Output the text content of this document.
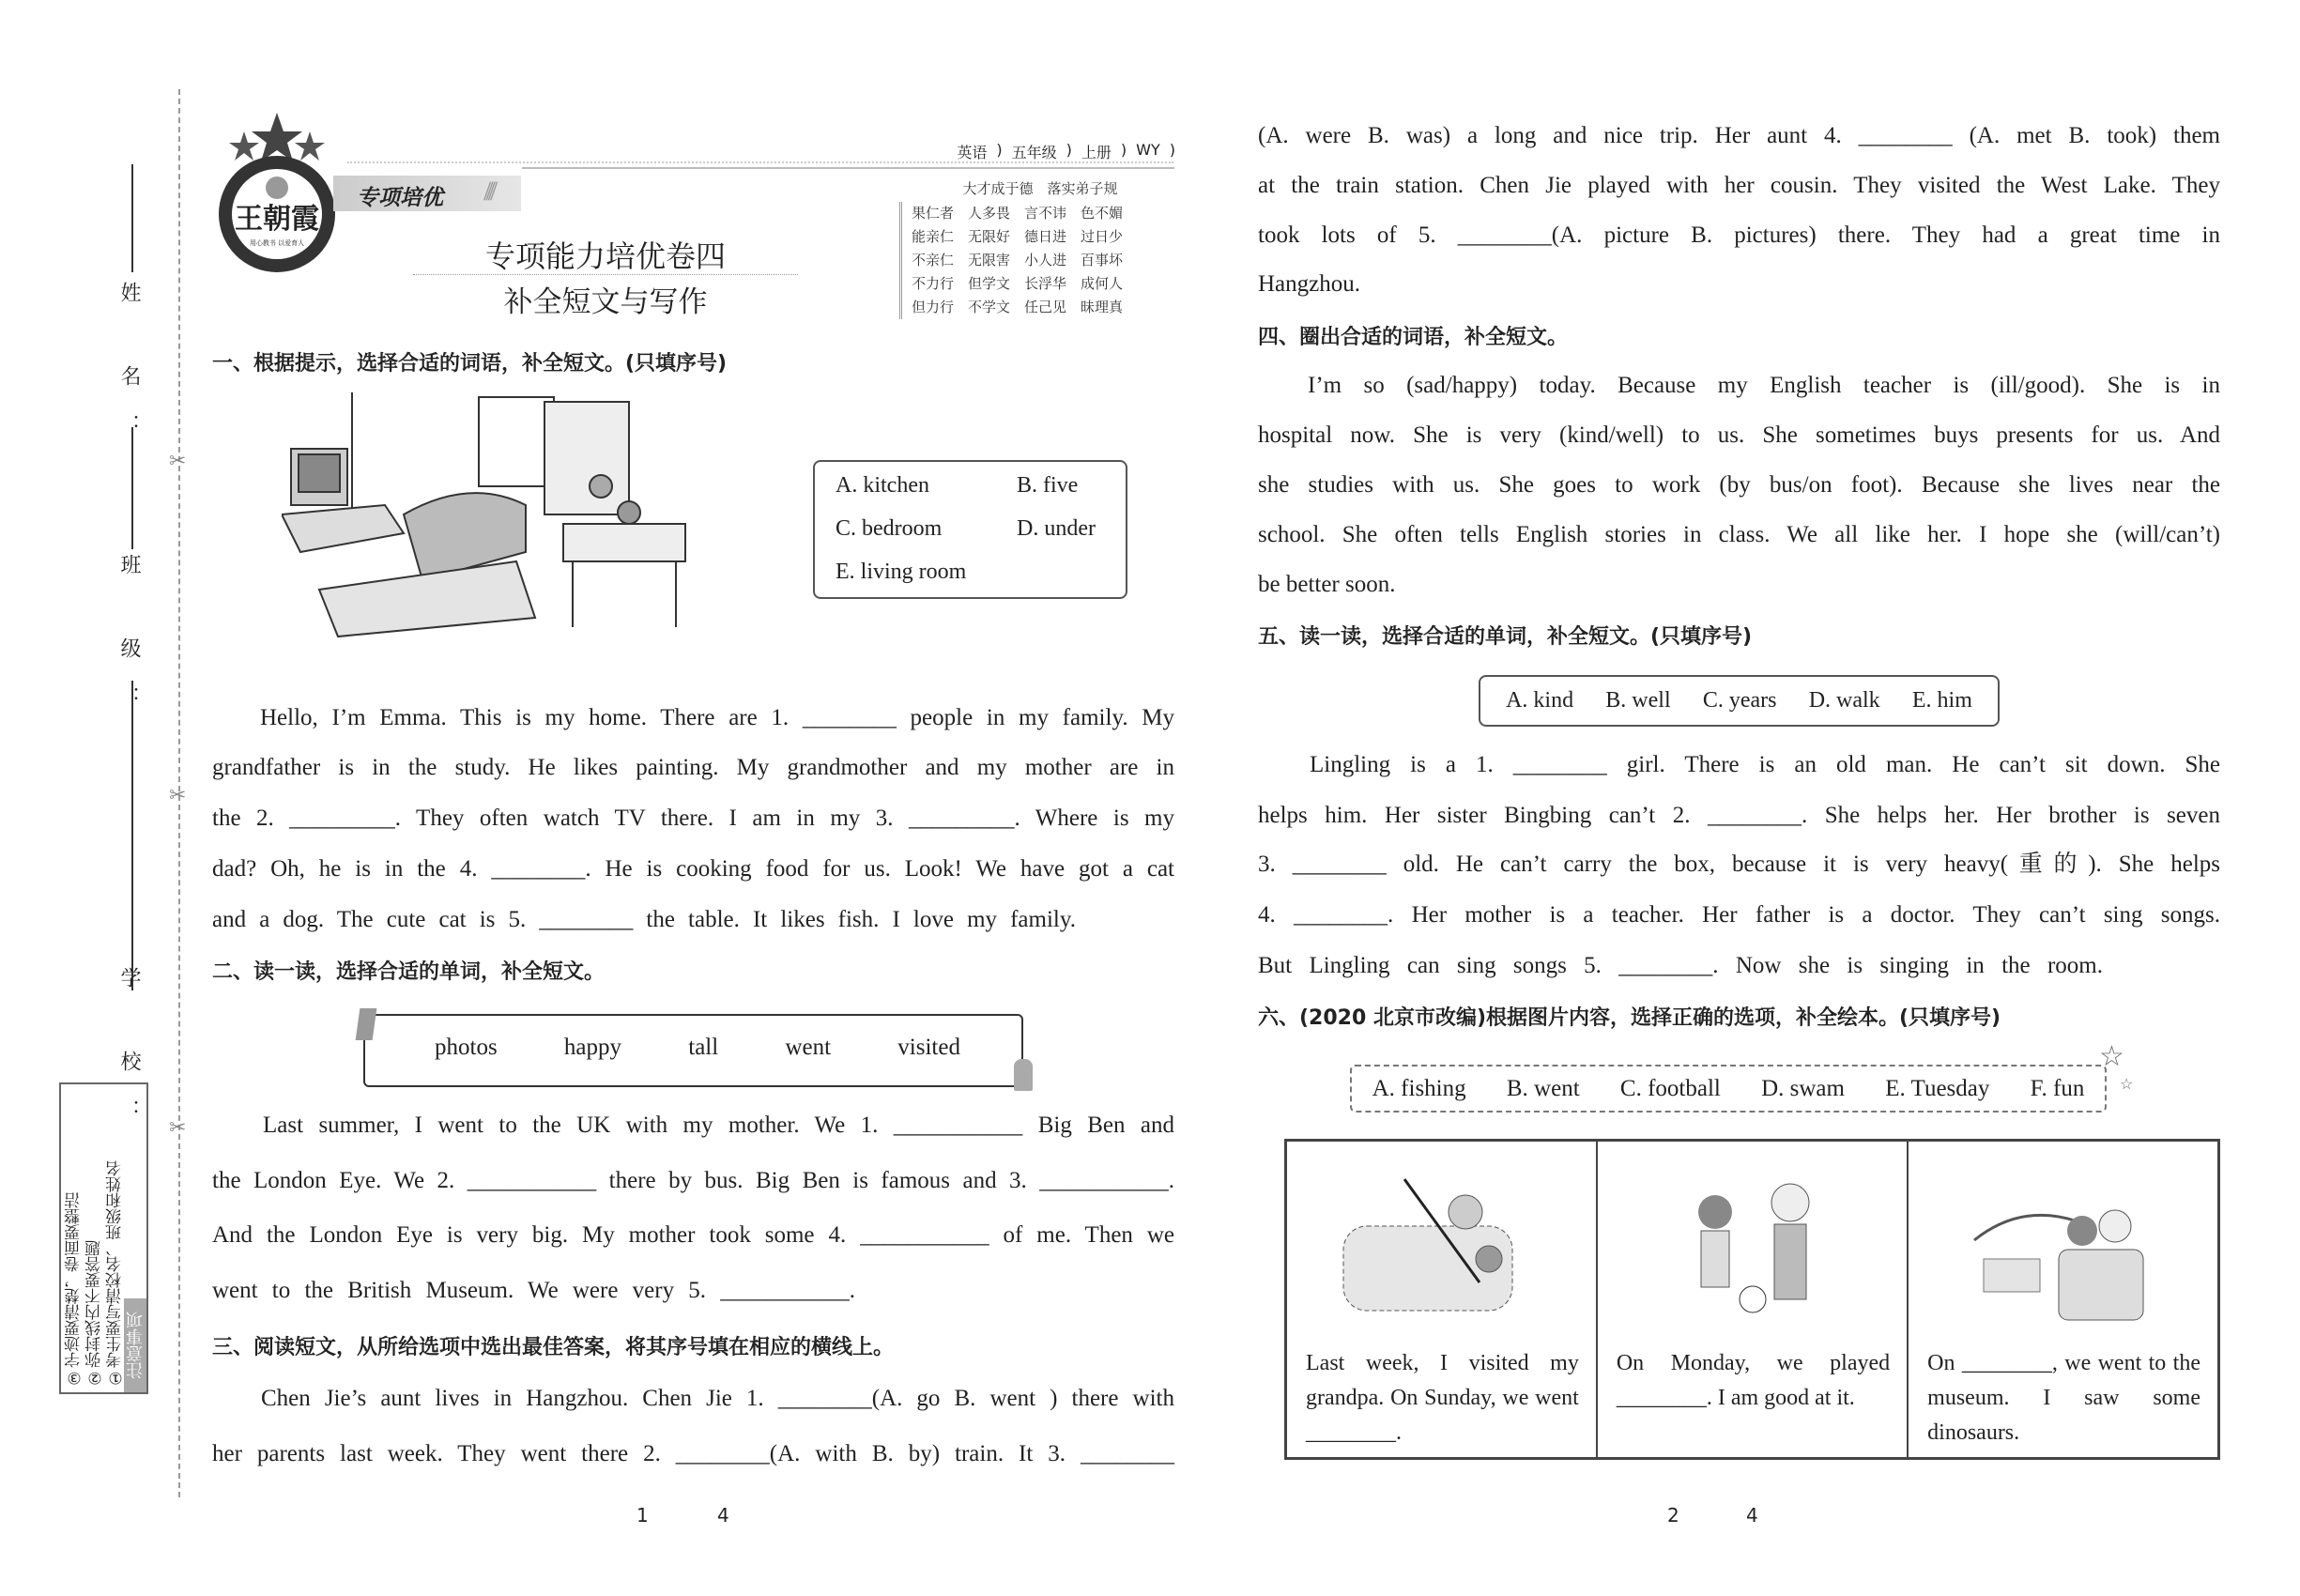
✂
✂
✂
姓 名：
班 级：
学 校：
注意事项
①考生要写清校名、班级和姓名
②弥封线内不要答题
③字迹要清楚，卷面要整洁
王朝霞
用心教书 以爱育人
专项培优 ////
英语 ) 五年级 ) 上册 ) WY )
专项能力培优卷四
补全短文与写作
大才成于德　落实弟子规
果仁者　人多畏　言不讳　色不媚
能亲仁　无限好　德日进　过日少
不亲仁　无限害　小人进　百事坏
不力行　但学文　长浮华　成何人
但力行　不学文　任己见　昧理真
一、根据提示，选择合适的词语，补全短文。(只填序号)
A. kitchen	B. five
C. bedroom	D. under
E. living room
Hello, I’m Emma. This is my home. There are 1. ________ people in my family. My
grandfather is in the study. He likes painting. My grandmother and my mother are in
the 2. _________. They often watch TV there. I am in my 3. _________. Where is my
dad? Oh, he is in the 4. ________. He is cooking food for us. Look! We have got a cat
and a dog. The cute cat is 5. ________ the table. It likes fish. I love my family.
二、读一读，选择合适的单词，补全短文。
photos	happy	tall	went	visited
Last summer, I went to the UK with my mother. We 1. ___________ Big Ben and
the London Eye. We 2. ___________ there by bus. Big Ben is famous and 3. ___________.
And the London Eye is very big. My mother took some 4. ___________ of me. Then we
went to the British Museum. We were very 5. ___________.
三、阅读短文，从所给选项中选出最佳答案，将其序号填在相应的横线上。
Chen Jie’s aunt lives in Hangzhou. Chen Jie 1. ________(A. go B. went ) there with
her parents last week. They went there 2. ________(A. with B. by) train. It 3. ________
1	4
(A. were B. was) a long and nice trip. Her aunt 4. ________ (A. met B. took) them
at the train station. Chen Jie played with her cousin. They visited the West Lake. They
took lots of 5. ________(A. picture B. pictures) there. They had a great time in
Hangzhou.
四、圈出合适的词语，补全短文。
I’m so (sad/happy) today. Because my English teacher is (ill/good). She is in
hospital now. She is very (kind/well) to us. She sometimes buys presents for us. And
she studies with us. She goes to work (by bus/on foot). Because she lives near the
school. She often tells English stories in class. We all like her. I hope she (will/can’t)
be better soon.
五、读一读，选择合适的单词，补全短文。(只填序号)
A. kind B. well C. years D. walk E. him
Lingling is a 1. ________ girl. There is an old man. He can’t sit down. She
helps him. Her sister Bingbing can’t 2. ________. She helps her. Her brother is seven
3. ________ old. He can’t carry the box, because it is very heavy(重的). She helps
4. ________. Her mother is a teacher. Her father is a doctor. They can’t sing songs.
But Lingling can sing songs 5. ________. Now she is singing in the room.
六、(2020 北京市改编)根据图片内容，选择正确的选项，补全绘本。(只填序号)
A. fishing B. went C. football D. swam E. Tuesday F. fun
☆
☆
Last week, I visited my grandpa. On Sunday, we went ________.

On Monday, we played ________. I am good at it.

On ________, we went to the museum. I saw some dinosaurs.
2	4
